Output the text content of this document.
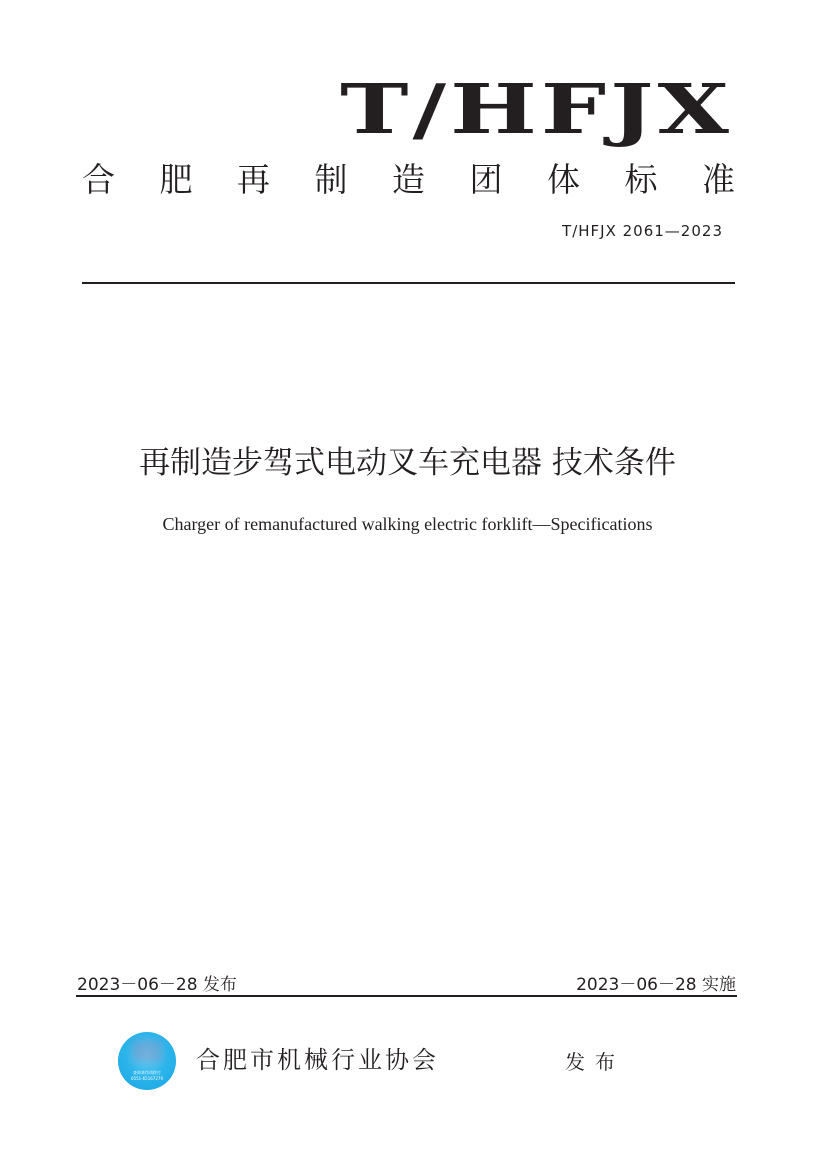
T/HFJX
合 肥 再 制 造 团 体 标 准
T/HFJX 2061—2023
再制造步驾式电动叉车充电器 技术条件
Charger of remanufactured walking electric forklift—Specifications
2023－06－28 发布	2023－06－28 实施
查询真伪请拨打
0551-65167279
合肥市机械行业协会	发布
